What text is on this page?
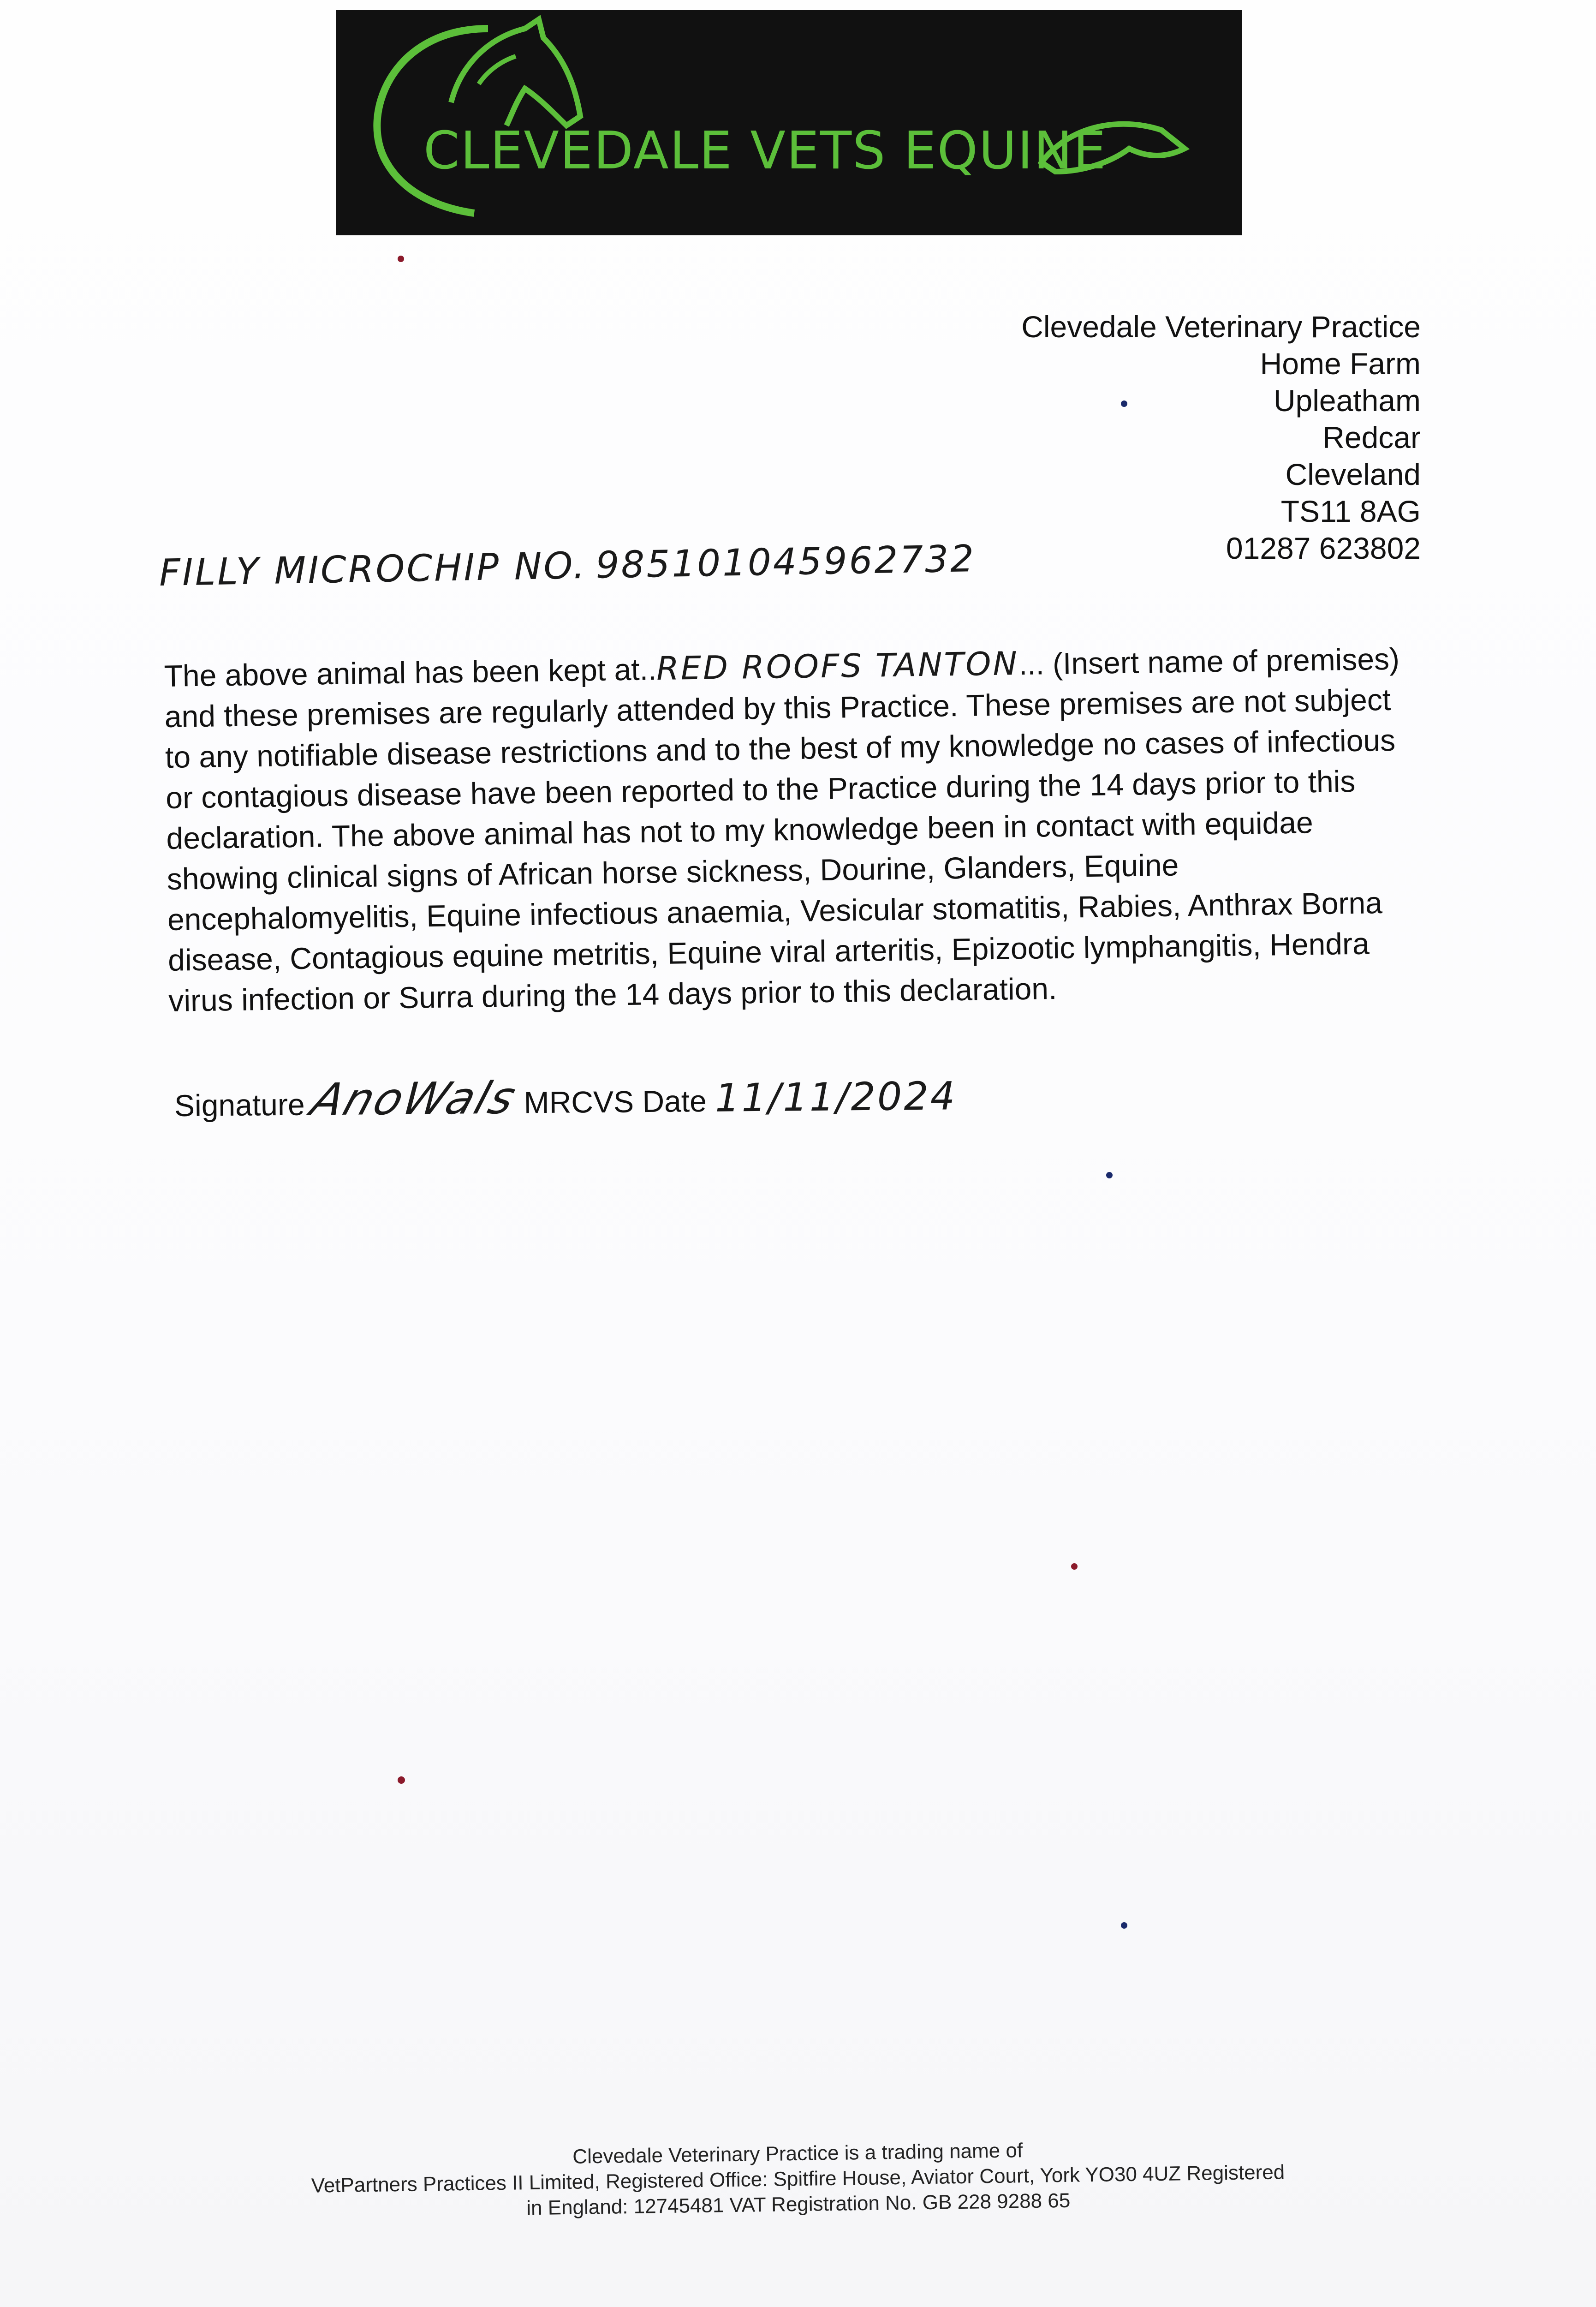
CLEVEDALE VETS EQUINE
Clevedale Veterinary Practice
Home Farm
Upleatham
Redcar
Cleveland
TS11 8AG
01287 623802
FILLY MICROCHIP NO. 985101045962732
The above animal has been kept at..RED ROOFS TANTON... (Insert name of premises) and these premises are regularly attended by this Practice. These premises are not subject to any notifiable disease restrictions and to the best of my knowledge no cases of infectious or contagious disease have been reported to the Practice during the 14 days prior to this declaration. The above animal has not to my knowledge been in contact with equidae showing clinical signs of African horse sickness, Dourine, Glanders, Equine encephalomyelitis, Equine infectious anaemia, Vesicular stomatitis, Rabies, Anthrax Borna disease, Contagious equine metritis, Equine viral arteritis, Epizootic lymphangitis, Hendra virus infection or Surra during the 14 days prior to this declaration.
Signature AnoWals MRCVS Date 11/11/2024
Clevedale Veterinary Practice is a trading name of
VetPartners Practices II Limited, Registered Office: Spitfire House, Aviator Court, York YO30 4UZ Registered
in England: 12745481 VAT Registration No. GB 228 9288 65
